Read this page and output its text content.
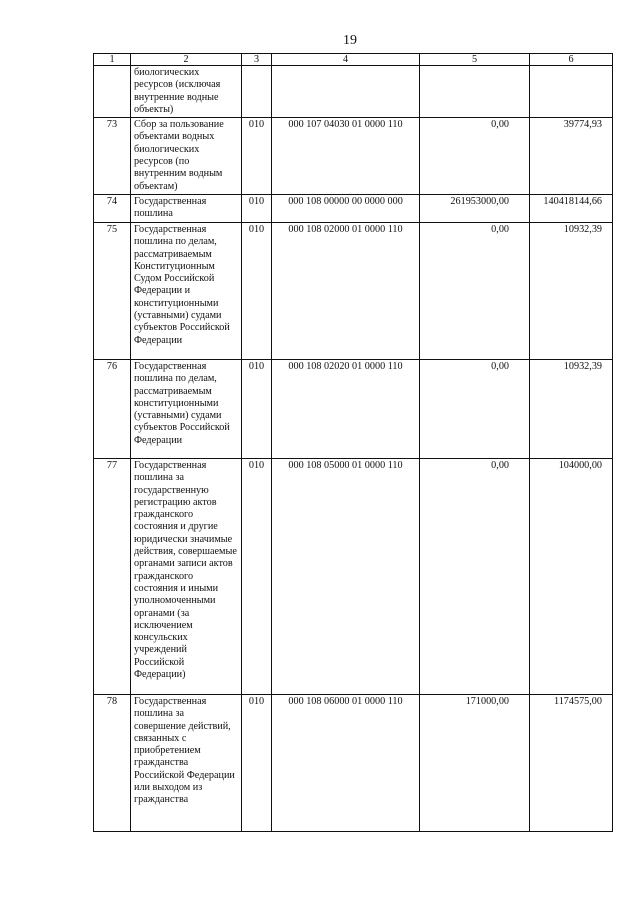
19
1	2	3	4	5	6
	биологических ресурсов (исключая внутренние водные объекты)				
73	Сбор за пользование объектами водных биологических ресурсов (по внутренним водным объектам)	010	000 107 04030 01 0000 110	0,00	39774,93
74	Государственная пошлина	010	000 108 00000 00 0000 000	261953000,00	140418144,66
75	Государственная пошлина по делам, рассматриваемым Конституционным Судом Российской Федерации и конституционными (уставными) судами субъектов Российской Федерации	010	000 108 02000 01 0000 110	0,00	10932,39
76	Государственная пошлина по делам, рассматриваемым конституционными (уставными) судами субъектов Российской Федерации	010	000 108 02020 01 0000 110	0,00	10932,39
77	Государственная пошлина за государственную регистрацию актов гражданского состояния и другие юридически значимые действия, совершаемые органами записи актов гражданского состояния и иными уполномоченными органами (за исключением консульских учреждений Российской Федерации)	010	000 108 05000 01 0000 110	0,00	104000,00
78	Государственная пошлина за совершение действий, связанных с приобретением гражданства Российской Федерации или выходом из гражданства	010	000 108 06000 01 0000 110	171000,00	1174575,00
